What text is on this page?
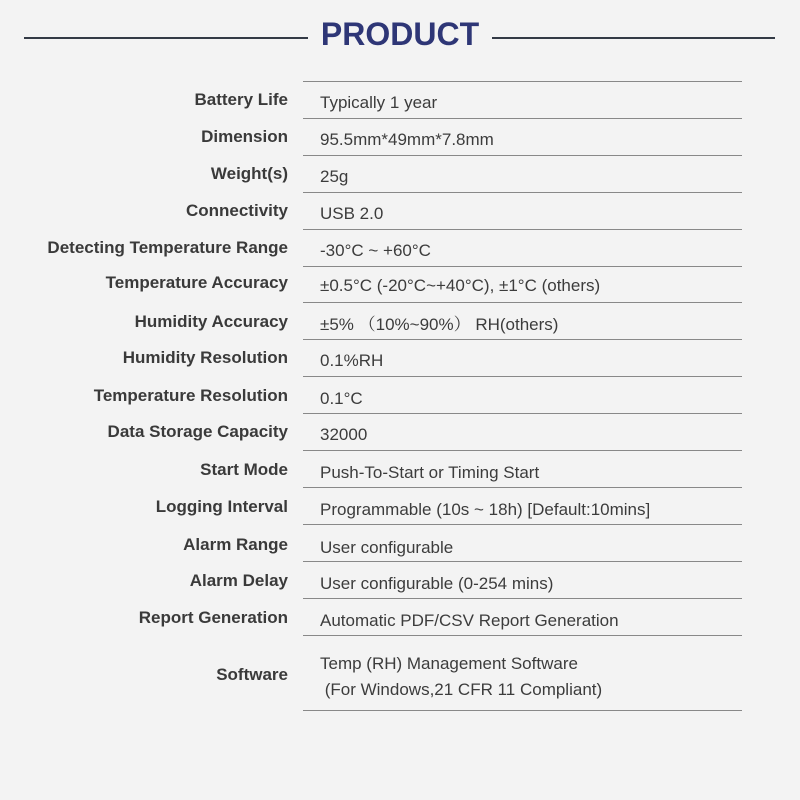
PRODUCT
Battery Life Typically 1 year
Dimension 95.5mm*49mm*7.8mm
Weight(s) 25g
Connectivity USB 2.0
Detecting Temperature Range -30°C ~ +60°C
Temperature Accuracy ±0.5°C (-20°C~+40°C), ±1°C (others)
Humidity Accuracy ±5% （10%~90%） RH(others)
Humidity Resolution 0.1%RH
Temperature Resolution 0.1°C
Data Storage Capacity 32000
Start Mode Push-To-Start or Timing Start
Logging Interval Programmable (10s ~ 18h) [Default:10mins]
Alarm Range User configurable
Alarm Delay User configurable (0-254 mins)
Report Generation Automatic PDF/CSV Report Generation
Software
Temp (RH) Management Software
(For Windows,21 CFR 11 Compliant)
